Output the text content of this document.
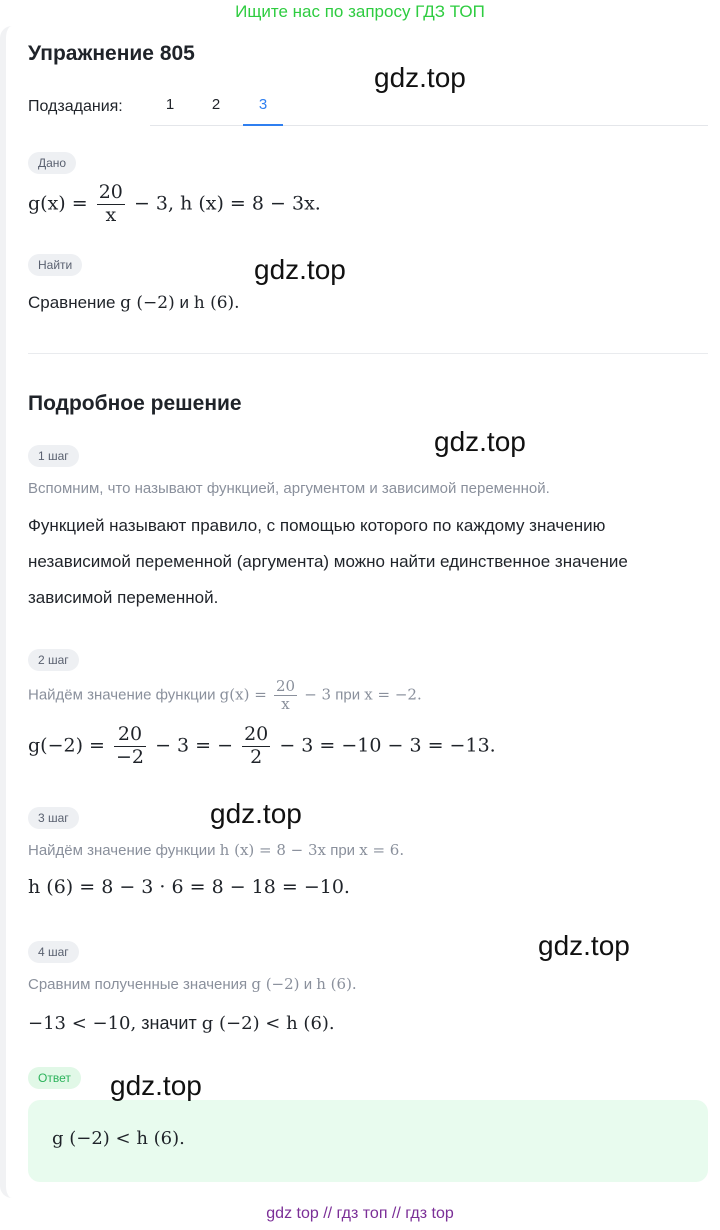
Ищите нас по запросу ГДЗ ТОП
Упражнение 805
Подзадания:	1	2	3
Дано
$g(x) = \frac{20}{x} - 3$, h (x) = 8 − 3x.
Найти
Сравнение g (−2) и h (6).
Подробное решение
1 шаг
Вспомним, что называют функцией, аргументом и зависимой переменной.
Функцией называют правило, с помощью которого по каждому значению независимой переменной (аргумента) можно найти единственное значение зависимой переменной.
2 шаг
Найдём значение функции $g(x) = \frac{20}{x} - 3$ при x = −2.
$g(-2) = \frac{20}{-2} - 3$ = − $\frac{20}{2} - 3 = -10 - 3 = -13$.
3 шаг
Найдём значение функции h (x) = 8 − 3x при x = 6.
h (6) = 8 − 3 · 6 = 8 − 18 = −10.
4 шаг
Сравним полученные значения g (−2) и h (6).
−13 < −10, значит g (−2) < h (6).
Ответ
g (−2) < h (6).
gdz.top
gdz.top
gdz.top
gdz.top
gdz.top
gdz.top
gdz top // гдз топ // гдз top
